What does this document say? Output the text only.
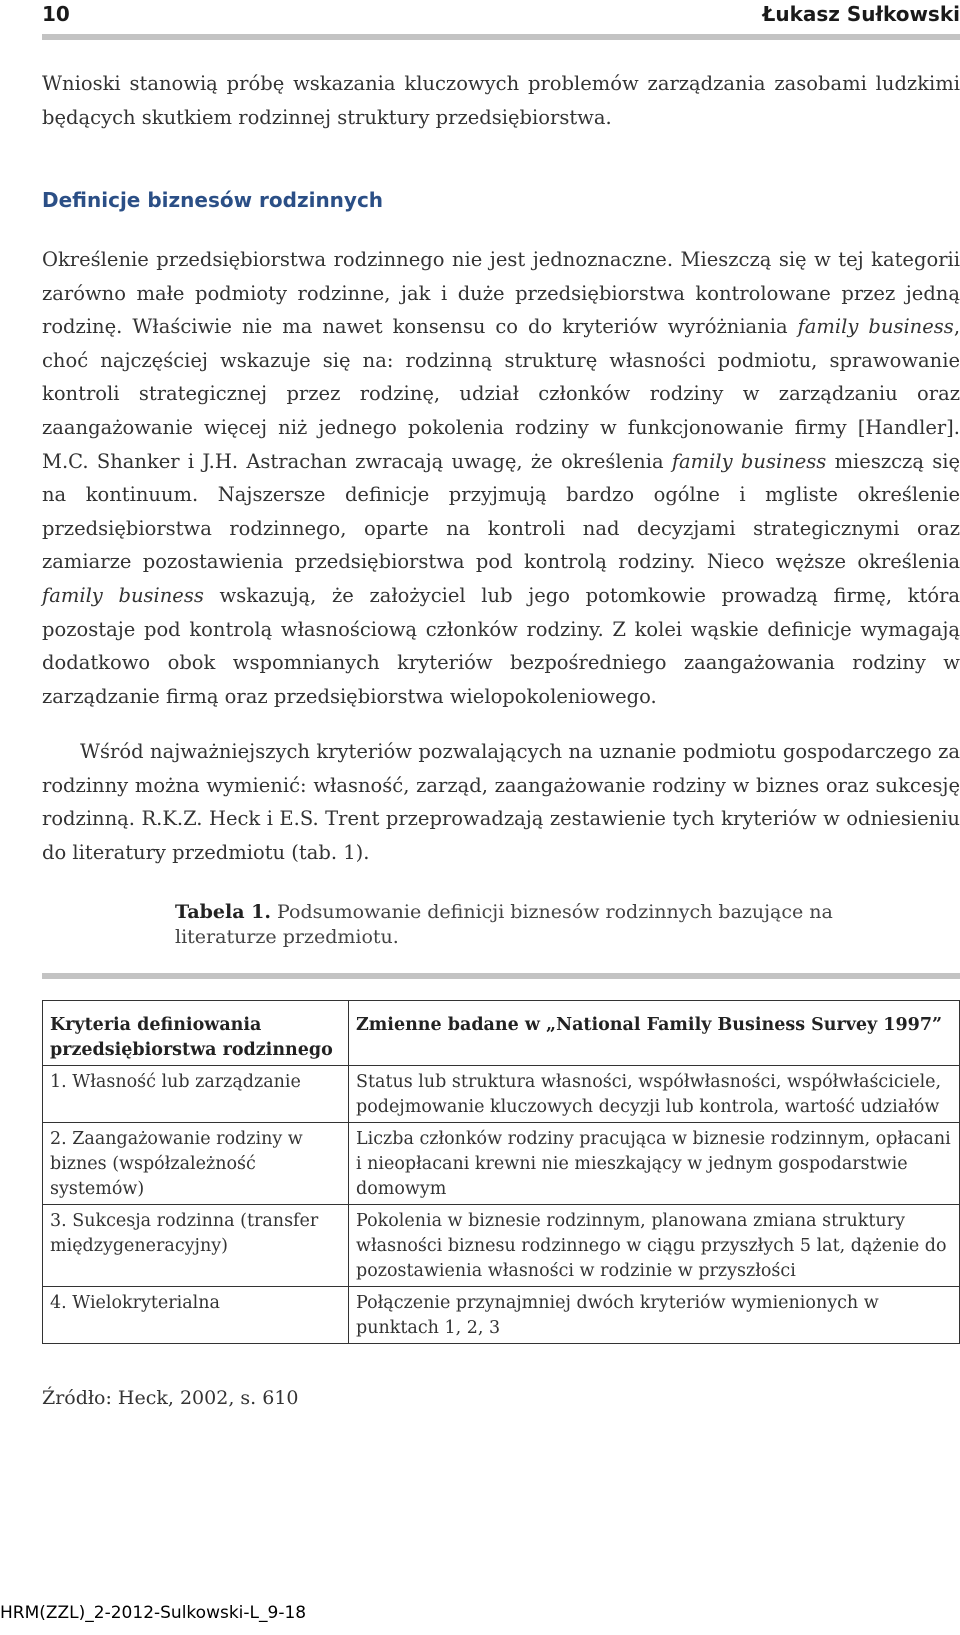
10	Łukasz Sułkowski
Wnioski stanowią próbę wskazania kluczowych problemów zarządzania zasobami ludzkimi będących skutkiem rodzinnej struktury przedsiębiorstwa.
Definicje biznesów rodzinnych
Określenie przedsiębiorstwa rodzinnego nie jest jednoznaczne. Mieszczą się w tej kategorii zarówno małe podmioty rodzinne, jak i duże przedsiębiorstwa kontrolowane przez jedną rodzinę. Właściwie nie ma nawet konsensu co do kryteriów wyróżniania family business, choć najczęściej wskazuje się na: rodzinną strukturę własności podmiotu, sprawowanie kontroli strategicznej przez rodzinę, udział członków rodziny w zarządzaniu oraz zaangażowanie więcej niż jednego pokolenia rodziny w funkcjonowanie firmy [Handler]. M.C. Shanker i J.H. Astrachan zwracają uwagę, że określenia family business mieszczą się na kontinuum. Najszersze definicje przyjmują bardzo ogólne i mgliste określenie przedsiębiorstwa rodzinnego, oparte na kontroli nad decyzjami strategicznymi oraz zamiarze pozostawienia przedsiębiorstwa pod kontrolą rodziny. Nieco węższe określenia family business wskazują, że założyciel lub jego potomkowie prowadzą firmę, która pozostaje pod kontrolą własnościową członków rodziny. Z kolei wąskie definicje wymagają dodatkowo obok wspomnianych kryteriów bezpośredniego zaangażowania rodziny w zarządzanie firmą oraz przedsiębiorstwa wielopokoleniowego.
Wśród najważniejszych kryteriów pozwalających na uznanie podmiotu gospodarczego za rodzinny można wymienić: własność, zarząd, zaangażowanie rodziny w biznes oraz sukcesję rodzinną. R.K.Z. Heck i E.S. Trent przeprowadzają zestawienie tych kryteriów w odniesieniu do literatury przedmiotu (tab. 1).
Tabela 1. Podsumowanie definicji biznesów rodzinnych bazujące na literaturze przedmiotu.
Kryteria definiowania przedsiębiorstwa rodzinnego	Zmienne badane w „National Family Business Survey 1997”
1. Własność lub zarządzanie	Status lub struktura własności, współwłasności, współwłaściciele, podejmowanie kluczowych decyzji lub kontrola, wartość udziałów
2. Zaangażowanie rodziny w biznes (współzależność systemów)	Liczba członków rodziny pracująca w biznesie rodzinnym, opłacani i nieopłacani krewni nie mieszkający w jednym gospodarstwie domowym
3. Sukcesja rodzinna (transfer międzygeneracyjny)	Pokolenia w biznesie rodzinnym, planowana zmiana struktury własności biznesu rodzinnego w ciągu przyszłych 5 lat, dążenie do pozostawienia własności w rodzinie w przyszłości
4. Wielokryterialna	Połączenie przynajmniej dwóch kryteriów wymienionych w punktach 1, 2, 3
Źródło: Heck, 2002, s. 610
HRM(ZZL)_2-2012-Sulkowski-L_9-18
